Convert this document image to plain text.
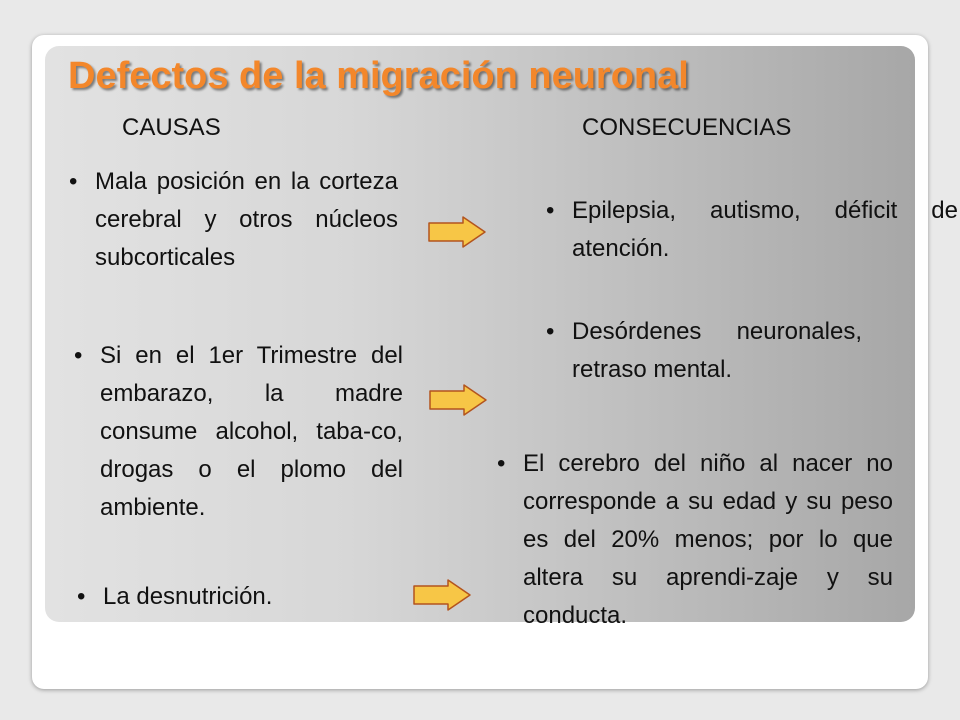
Defectos de la migración neuronal
CAUSAS	CONSECUENCIAS
• Mala posición en la corteza cerebral y otros núcleos subcorticales
• Si en el 1er Trimestre del embarazo, la madre consume alcohol, taba-co, drogas o el plomo del ambiente.
• La desnutrición.
• Epilepsia, autismo, déficit de atención.
• Desórdenes neuronales, retraso mental.
• El cerebro del niño al nacer no corresponde a su edad y su peso es del 20% menos; por lo que altera su aprendi-zaje y su conducta.
